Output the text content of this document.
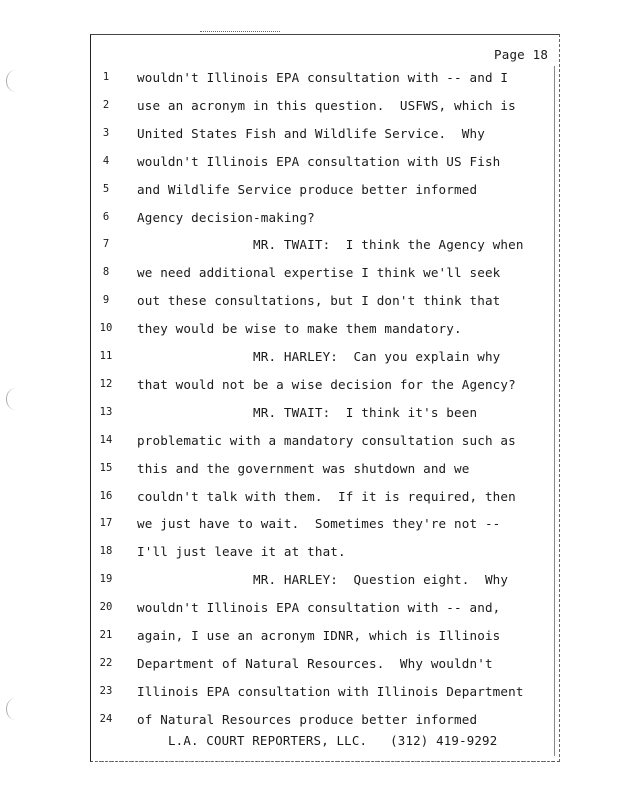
Page 18
1	wouldn't Illinois EPA consultation with -- and I
2	use an acronym in this question.  USFWS, which is
3	United States Fish and Wildlife Service.  Why
4	wouldn't Illinois EPA consultation with US Fish
5	and Wildlife Service produce better informed
6	Agency decision-making?
7	MR. TWAIT:  I think the Agency when
8	we need additional expertise I think we'll seek
9	out these consultations, but I don't think that
10 they would be wise to make them mandatory.
11 MR. HARLEY:  Can you explain why
12 that would not be a wise decision for the Agency?
13 MR. TWAIT:  I think it's been
14 problematic with a mandatory consultation such as
15 this and the government was shutdown and we
16 couldn't talk with them.  If it is required, then
17 we just have to wait.  Sometimes they're not --
18 I'll just leave it at that.
19 MR. HARLEY:  Question eight.  Why
20 wouldn't Illinois EPA consultation with -- and,
21 again, I use an acronym IDNR, which is Illinois
22 Department of Natural Resources.  Why wouldn't
23 Illinois EPA consultation with Illinois Department
24 of Natural Resources produce better informed
L.A. COURT REPORTERS, LLC.   (312) 419-9292
